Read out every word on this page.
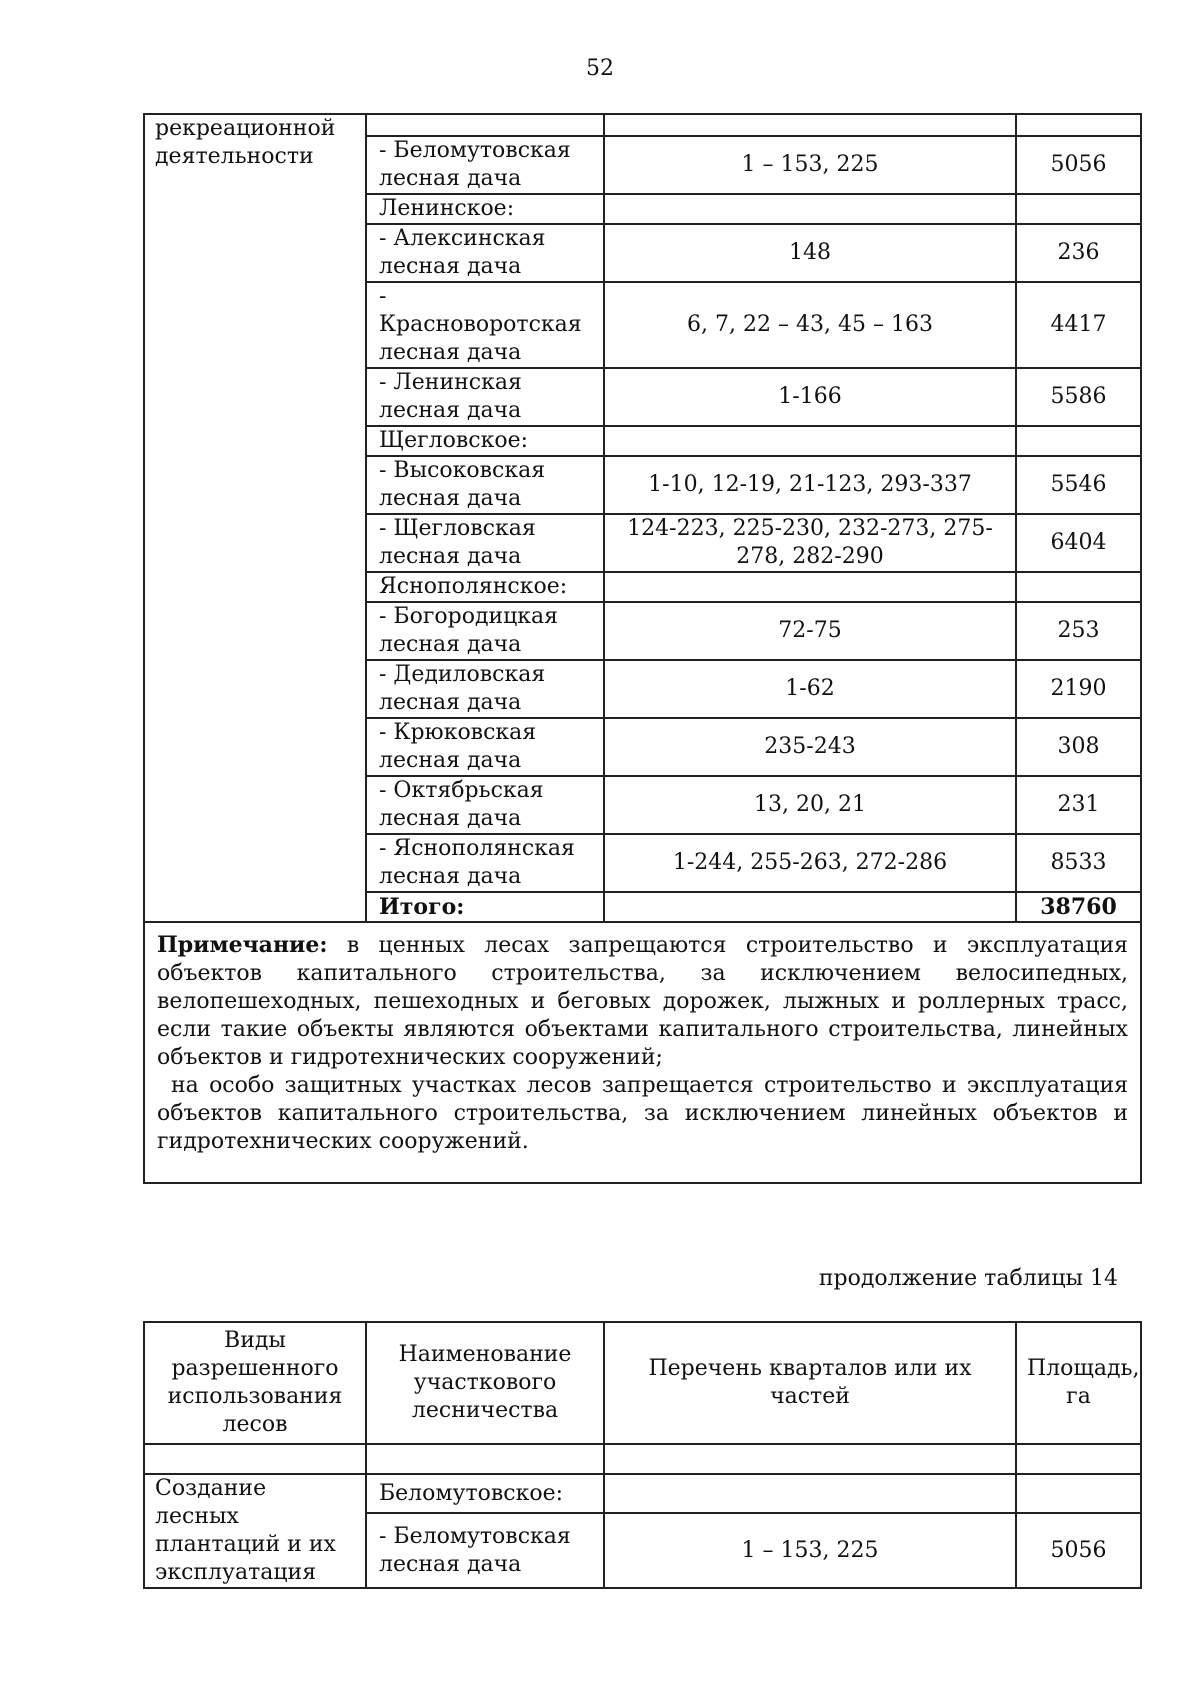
52
рекреационной деятельности			
	- Беломутовская лесная дача	1 – 153, 225	5056
	Ленинское:		
	- Алексинская лесная дача	148	236
	- Красноворотская лесная дача	6, 7, 22 – 43, 45 – 163	4417
	- Ленинская лесная дача	1-166	5586
	Щегловское:		
	- Высоковская лесная дача	1-10, 12-19, 21-123, 293-337	5546
	- Щегловская лесная дача	124-223, 225-230, 232-273, 275-278, 282-290	6404
	Яснополянское:		
	- Богородицкая лесная дача	72-75	253
	- Дедиловская лесная дача	1-62	2190
	- Крюковская лесная дача	235-243	308
	- Октябрьская лесная дача	13, 20, 21	231
	- Яснополянская лесная дача	1-244, 255-263, 272-286	8533
	Итого:		38760

Примечание: в ценных лесах запрещаются строительство и эксплуатация объектов капитального строительства, за исключением велосипедных, велопешеходных, пешеходных и беговых дорожек, лыжных и роллерных трасс, если такие объекты являются объектами капитального строительства, линейных объектов и гидротехнических сооружений;

на особо защитных участках лесов запрещается строительство и эксплуатация объектов капитального строительства, за исключением линейных объектов и гидротехнических сооружений.			

продолжение таблицы 14
Виды разрешенного использования лесов	Наименование участкового лесничества	Перечень кварталов или их частей	Площадь, га

Создание лесных плантаций и их эксплуатация	Беломутовское:		
	- Беломутовская лесная дача	1 – 153, 225	5056
